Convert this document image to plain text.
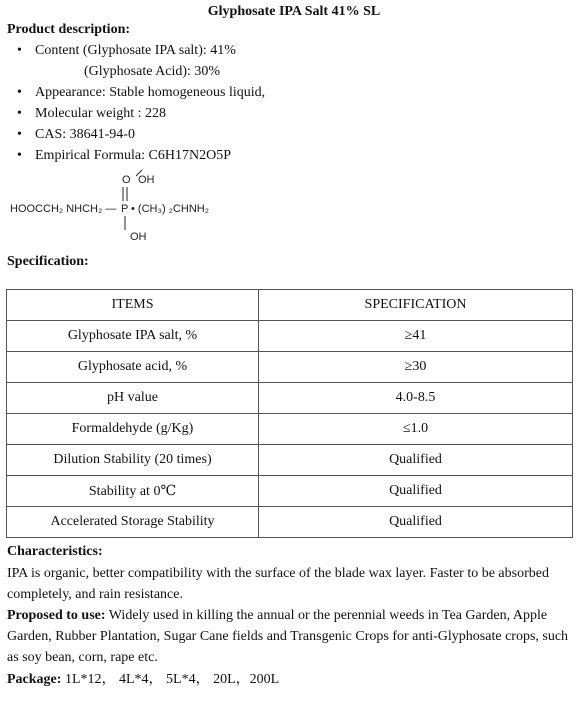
Glyphosate IPA Salt 41% SL
Product description:
• Content (Glyphosate IPA salt): 41%
(Glyphosate Acid): 30%
• Appearance: Stable homogeneous liquid,
• Molecular weight : 228
• CAS: 38641-94-0
• Empirical Formula: C6H17N2O5P
O OH
HOOCCH₂ NHCH₂ — P • (CH₃) ₂CHNH₂
OH
Specification:
ITEMS	SPECIFICATION
Glyphosate IPA salt, %	≥41
Glyphosate acid, %	≥30
pH value	4.0-8.5
Formaldehyde (g/Kg)	≤1.0
Dilution Stability (20 times)	Qualified
Stability at 0℃	Qualified
Accelerated Storage Stability	Qualified
Characteristics:
IPA is organic, better compatibility with the surface of the blade wax layer. Faster to be absorbed completely, and rain resistance.
Proposed to use: Widely used in killing the annual or the perennial weeds in Tea Garden, Apple Garden, Rubber Plantation, Sugar Cane fields and Transgenic Crops for anti-Glyphosate crops, such as soy bean, corn, rape etc.
Package: 1L*12， 4L*4， 5L*4， 20L，200L
